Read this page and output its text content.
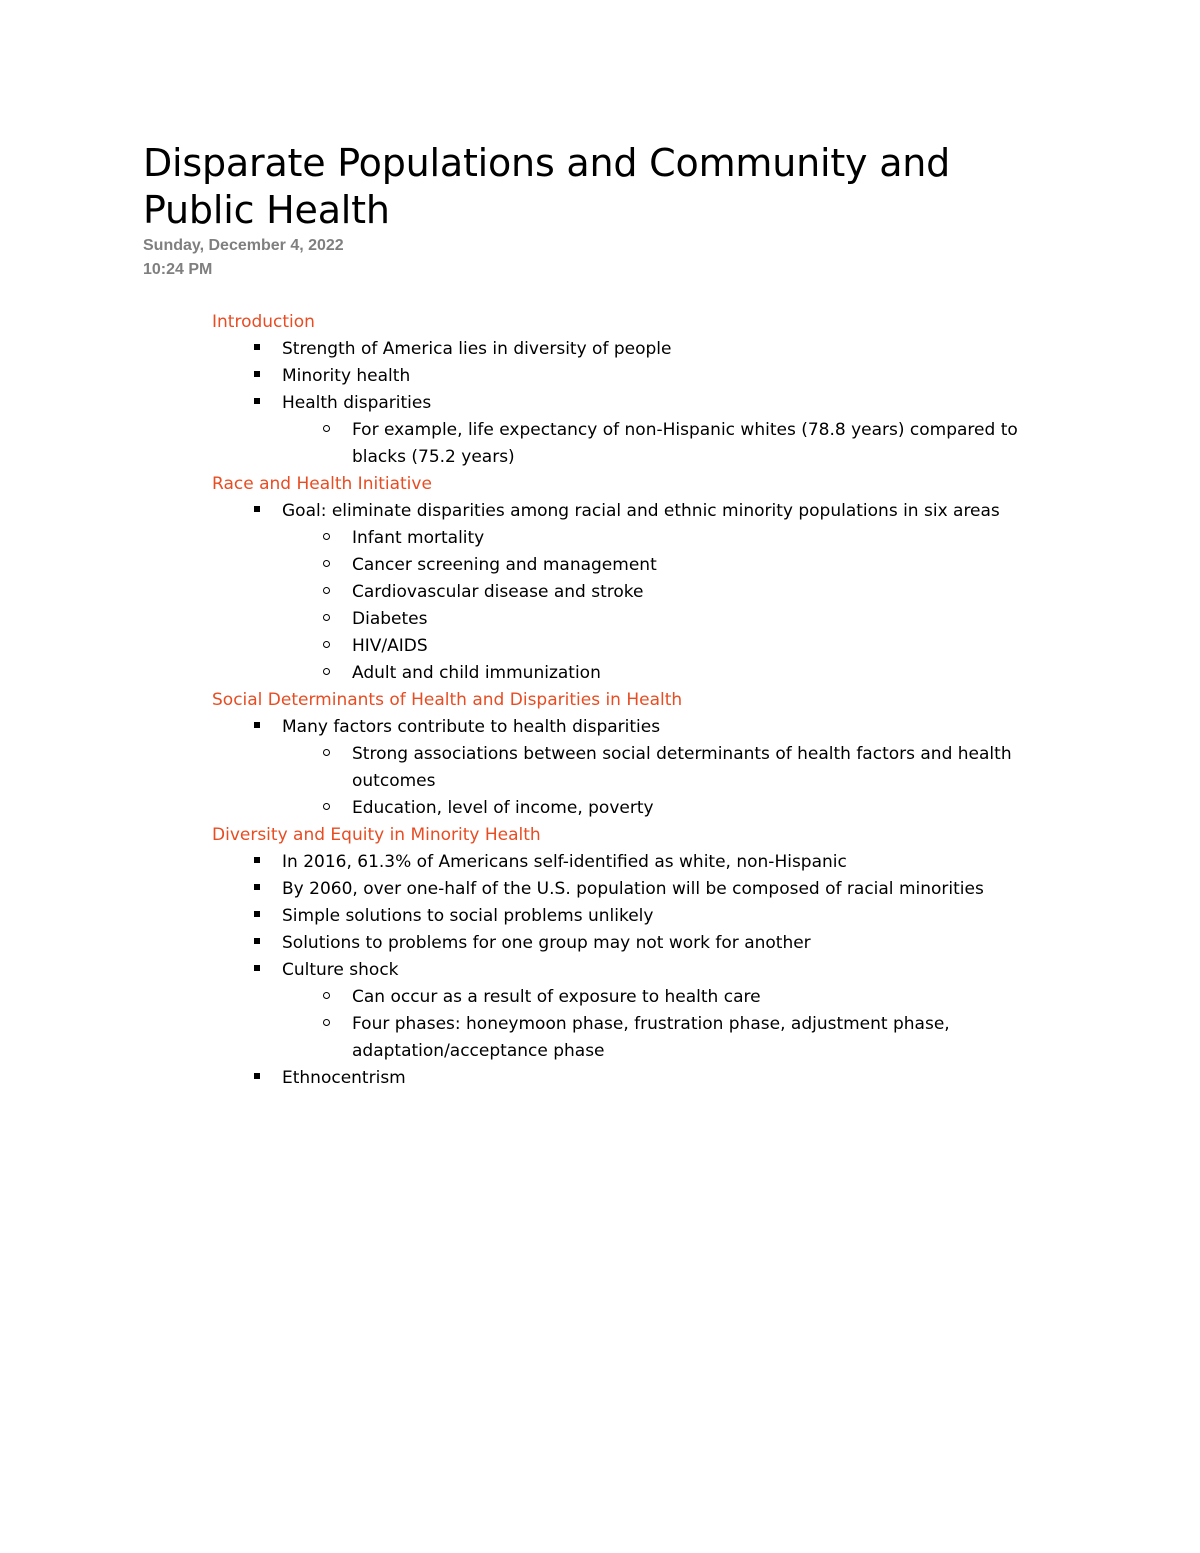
Disparate Populations and Community and Public Health
Sunday, December 4, 2022
10:24 PM
Introduction
Strength of America lies in diversity of people
Minority health
Health disparities
For example, life expectancy of non-Hispanic whites (78.8 years) compared to blacks (75.2 years)
Race and Health Initiative
Goal: eliminate disparities among racial and ethnic minority populations in six areas
Infant mortality
Cancer screening and management
Cardiovascular disease and stroke
Diabetes
HIV/AIDS
Adult and child immunization
Social Determinants of Health and Disparities in Health
Many factors contribute to health disparities
Strong associations between social determinants of health factors and health outcomes
Education, level of income, poverty
Diversity and Equity in Minority Health
In 2016, 61.3% of Americans self-identified as white, non-Hispanic
By 2060, over one-half of the U.S. population will be composed of racial minorities
Simple solutions to social problems unlikely
Solutions to problems for one group may not work for another
Culture shock
Can occur as a result of exposure to health care
Four phases: honeymoon phase, frustration phase, adjustment phase, adaptation/acceptance phase
Ethnocentrism
